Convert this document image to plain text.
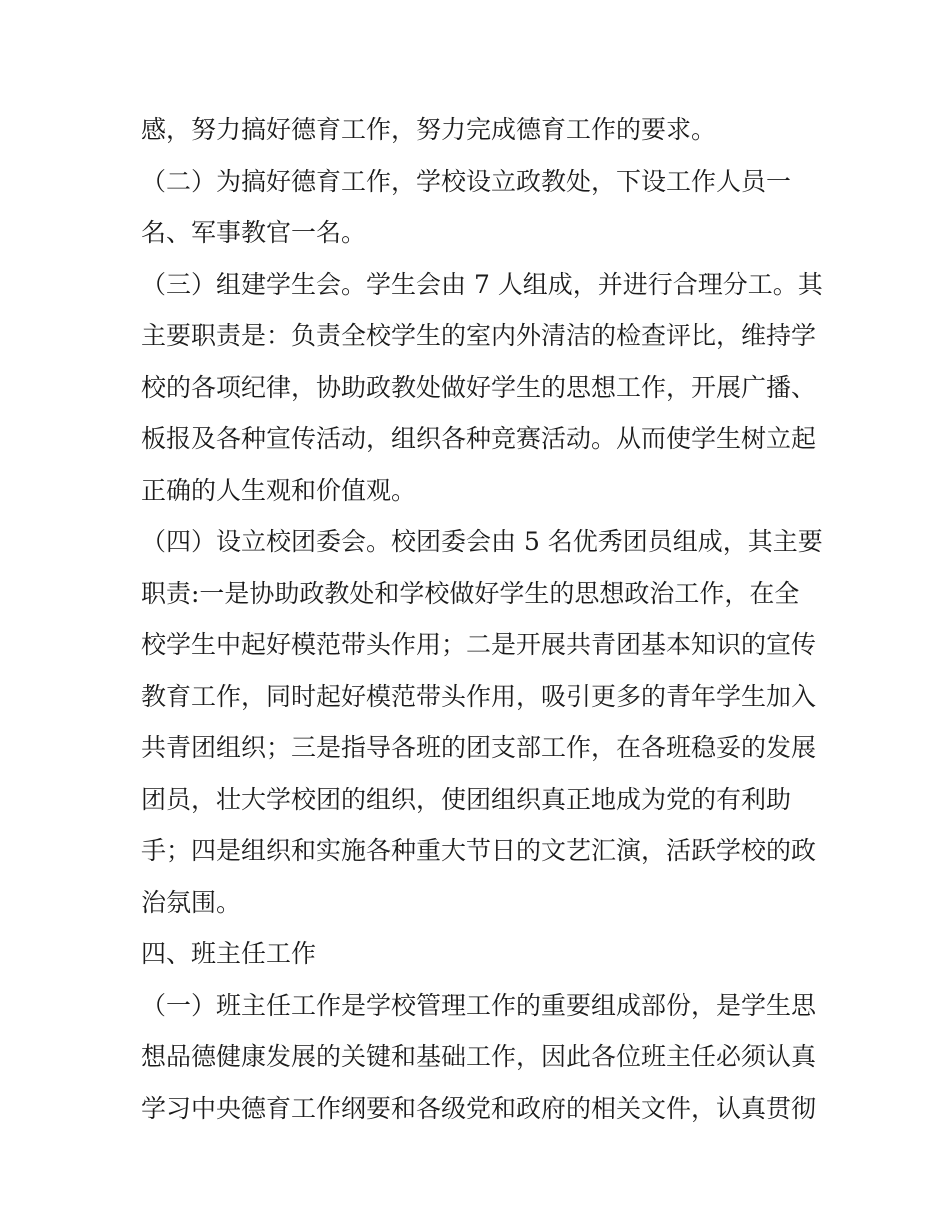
感，努力搞好德育工作，努力完成德育工作的要求。
（二）为搞好德育工作，学校设立政教处，下设工作人员一
名、军事教官一名。
（三）组建学生会。学生会由 7 人组成，并进行合理分工。其
主要职责是：负责全校学生的室内外清洁的检查评比，维持学
校的各项纪律，协助政教处做好学生的思想工作，开展广播、
板报及各种宣传活动，组织各种竞赛活动。从而使学生树立起
正确的人生观和价值观。
（四）设立校团委会。校团委会由 5 名优秀团员组成，其主要
职责:一是协助政教处和学校做好学生的思想政治工作，在全
校学生中起好模范带头作用；二是开展共青团基本知识的宣传
教育工作，同时起好模范带头作用，吸引更多的青年学生加入
共青团组织；三是指导各班的团支部工作，在各班稳妥的发展
团员，壮大学校团的组织，使团组织真正地成为党的有利助
手；四是组织和实施各种重大节日的文艺汇演，活跃学校的政
治氛围。
四、班主任工作
（一）班主任工作是学校管理工作的重要组成部份，是学生思
想品德健康发展的关键和基础工作，因此各位班主任必须认真
学习中央德育工作纲要和各级党和政府的相关文件，认真贯彻
